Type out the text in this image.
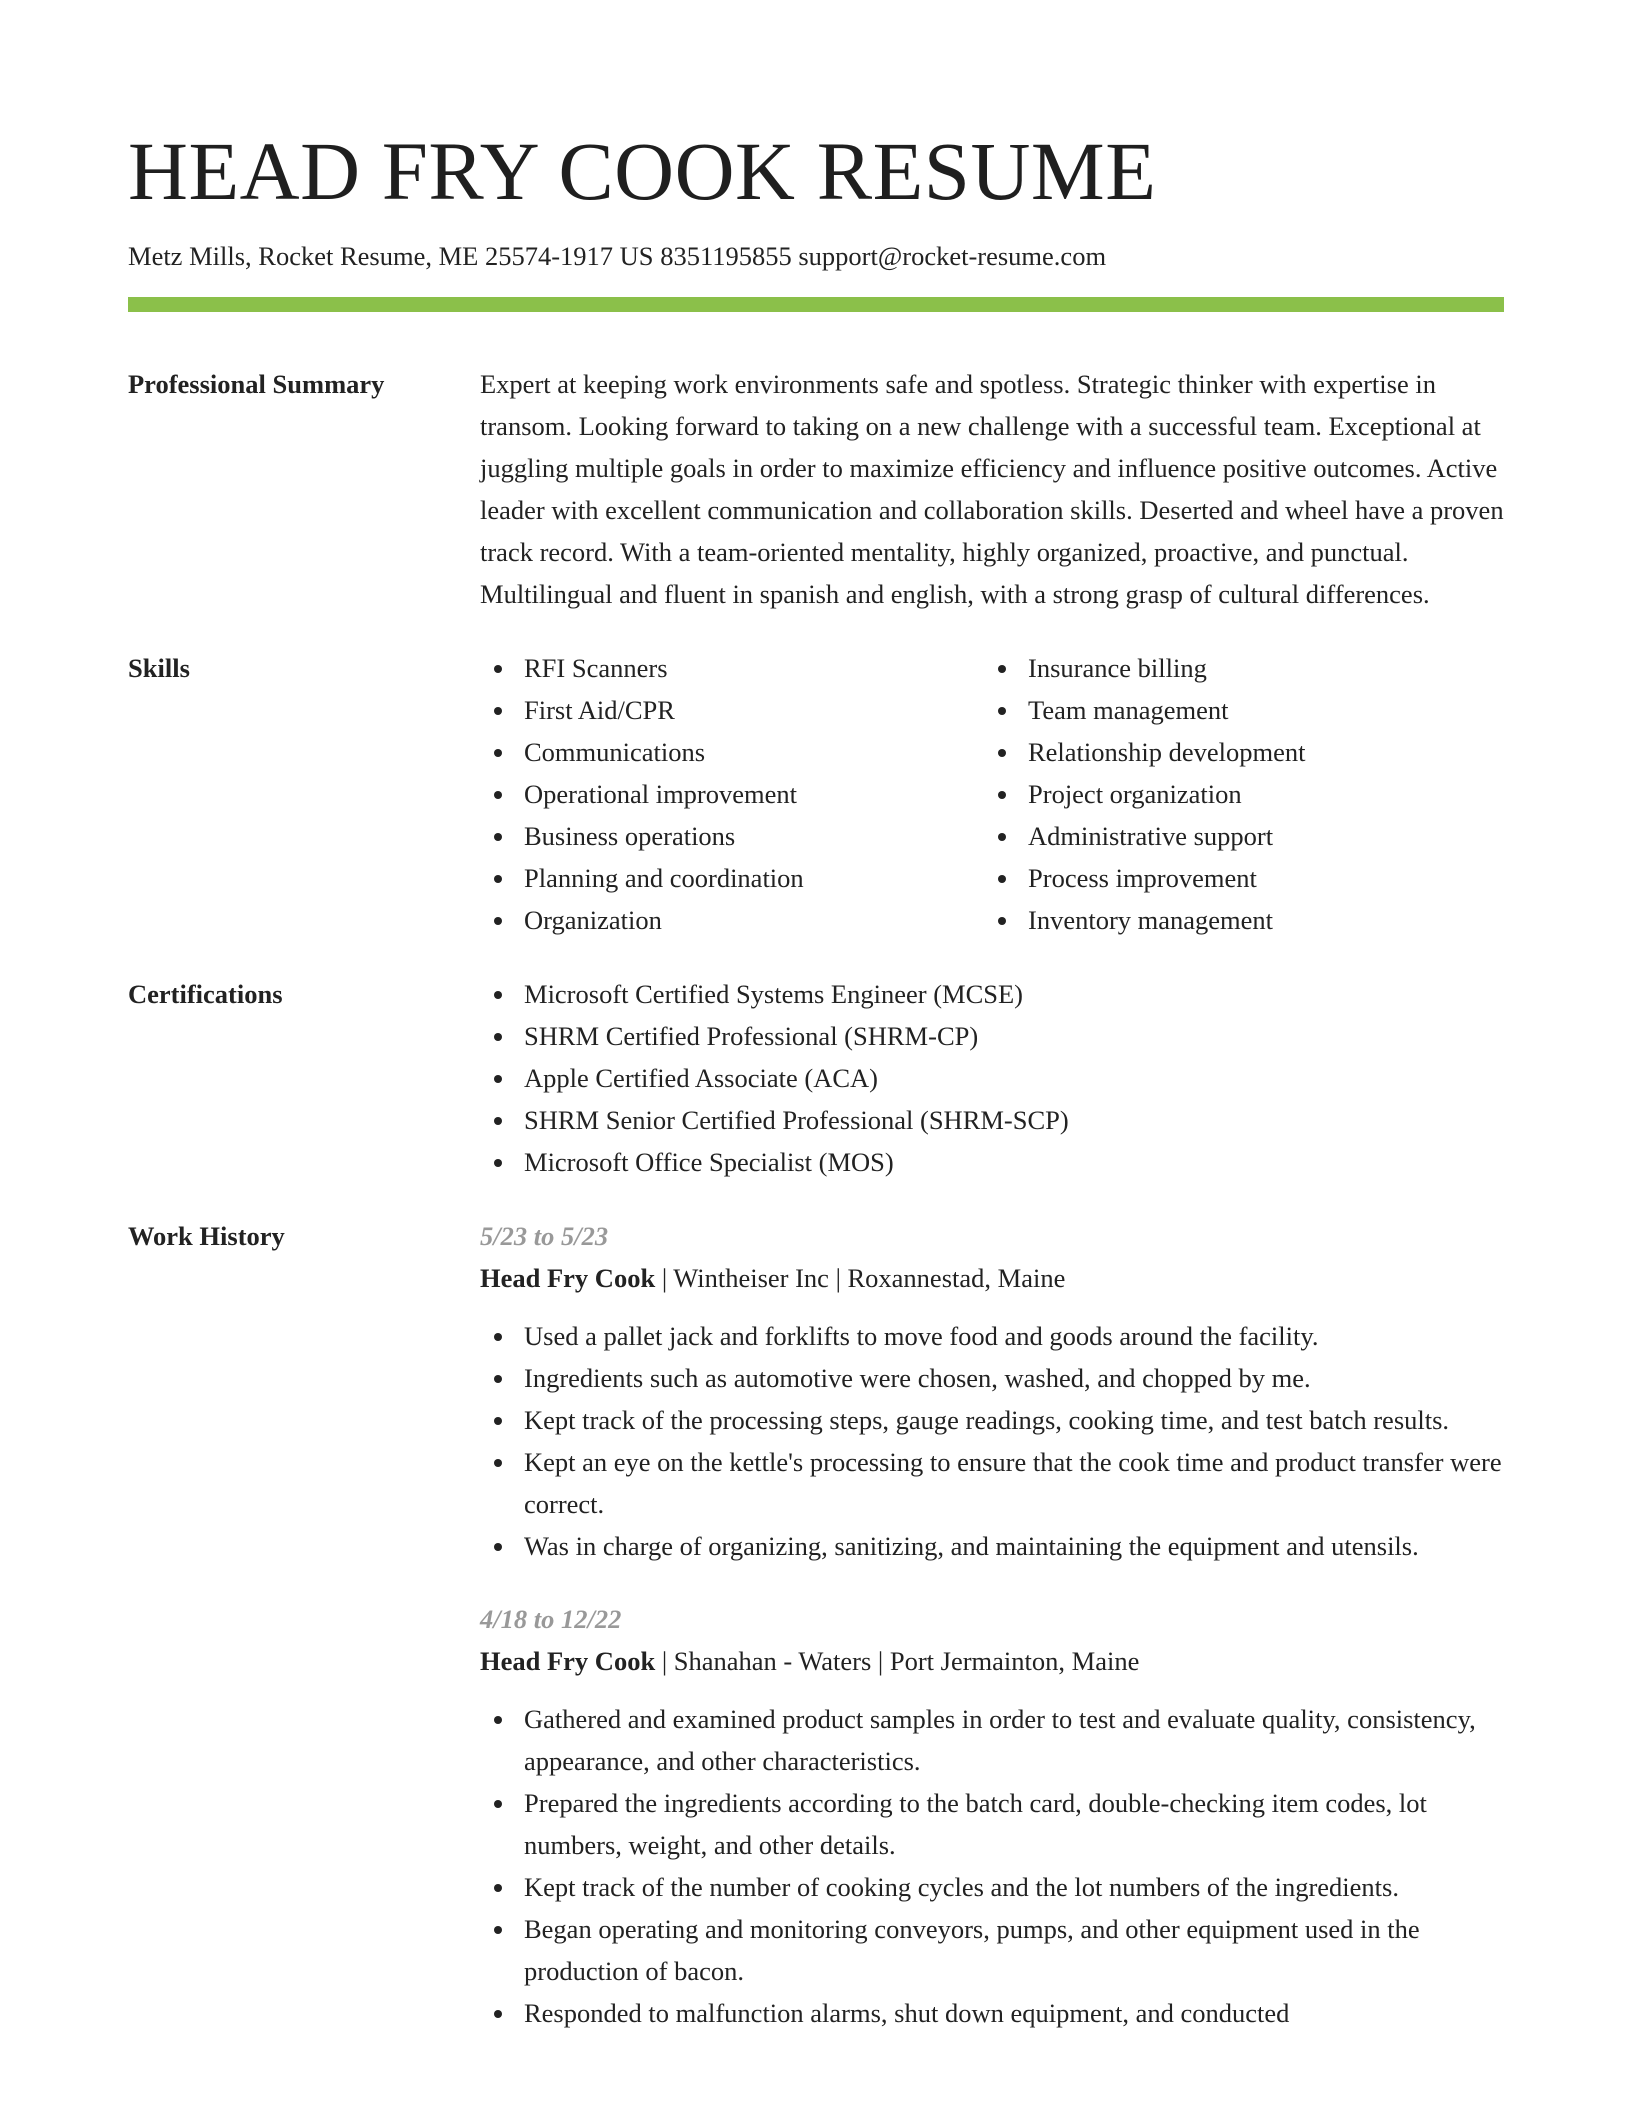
HEAD FRY COOK RESUME
Metz Mills, Rocket Resume, ME 25574-1917 US 8351195855 support@rocket-resume.com
Professional Summary	Expert at keeping work environments safe and spotless. Strategic thinker with expertise in transom. Looking forward to taking on a new challenge with a successful team. Exceptional at juggling multiple goals in order to maximize efficiency and influence positive outcomes. Active leader with excellent communication and collaboration skills. Deserted and wheel have a proven track record. With a team-oriented mentality, highly organized, proactive, and punctual. Multilingual and fluent in spanish and english, with a strong grasp of cultural differences.

Skills	RFI Scanners
First Aid/CPR
Communications
Operational improvement
Business operations
Planning and coordination
Organization
Insurance billing
Team management
Relationship development
Project organization
Administrative support
Process improvement
Inventory management
Certifications	Microsoft Certified Systems Engineer (MCSE)
SHRM Certified Professional (SHRM-CP)
Apple Certified Associate (ACA)
SHRM Senior Certified Professional (SHRM-SCP)
Microsoft Office Specialist (MOS)
Work History	5/23 to 5/23
Head Fry Cook | Wintheiser Inc | Roxannestad, Maine
Used a pallet jack and forklifts to move food and goods around the facility.
Ingredients such as automotive were chosen, washed, and chopped by me.
Kept track of the processing steps, gauge readings, cooking time, and test batch results.
Kept an eye on the kettle's processing to ensure that the cook time and product transfer were correct.
Was in charge of organizing, sanitizing, and maintaining the equipment and utensils.
4/18 to 12/22
Head Fry Cook | Shanahan - Waters | Port Jermainton, Maine
Gathered and examined product samples in order to test and evaluate quality, consistency, appearance, and other characteristics.
Prepared the ingredients according to the batch card, double-checking item codes, lot numbers, weight, and other details.
Kept track of the number of cooking cycles and the lot numbers of the ingredients.
Began operating and monitoring conveyors, pumps, and other equipment used in the production of bacon.
Responded to malfunction alarms, shut down equipment, and conducted
